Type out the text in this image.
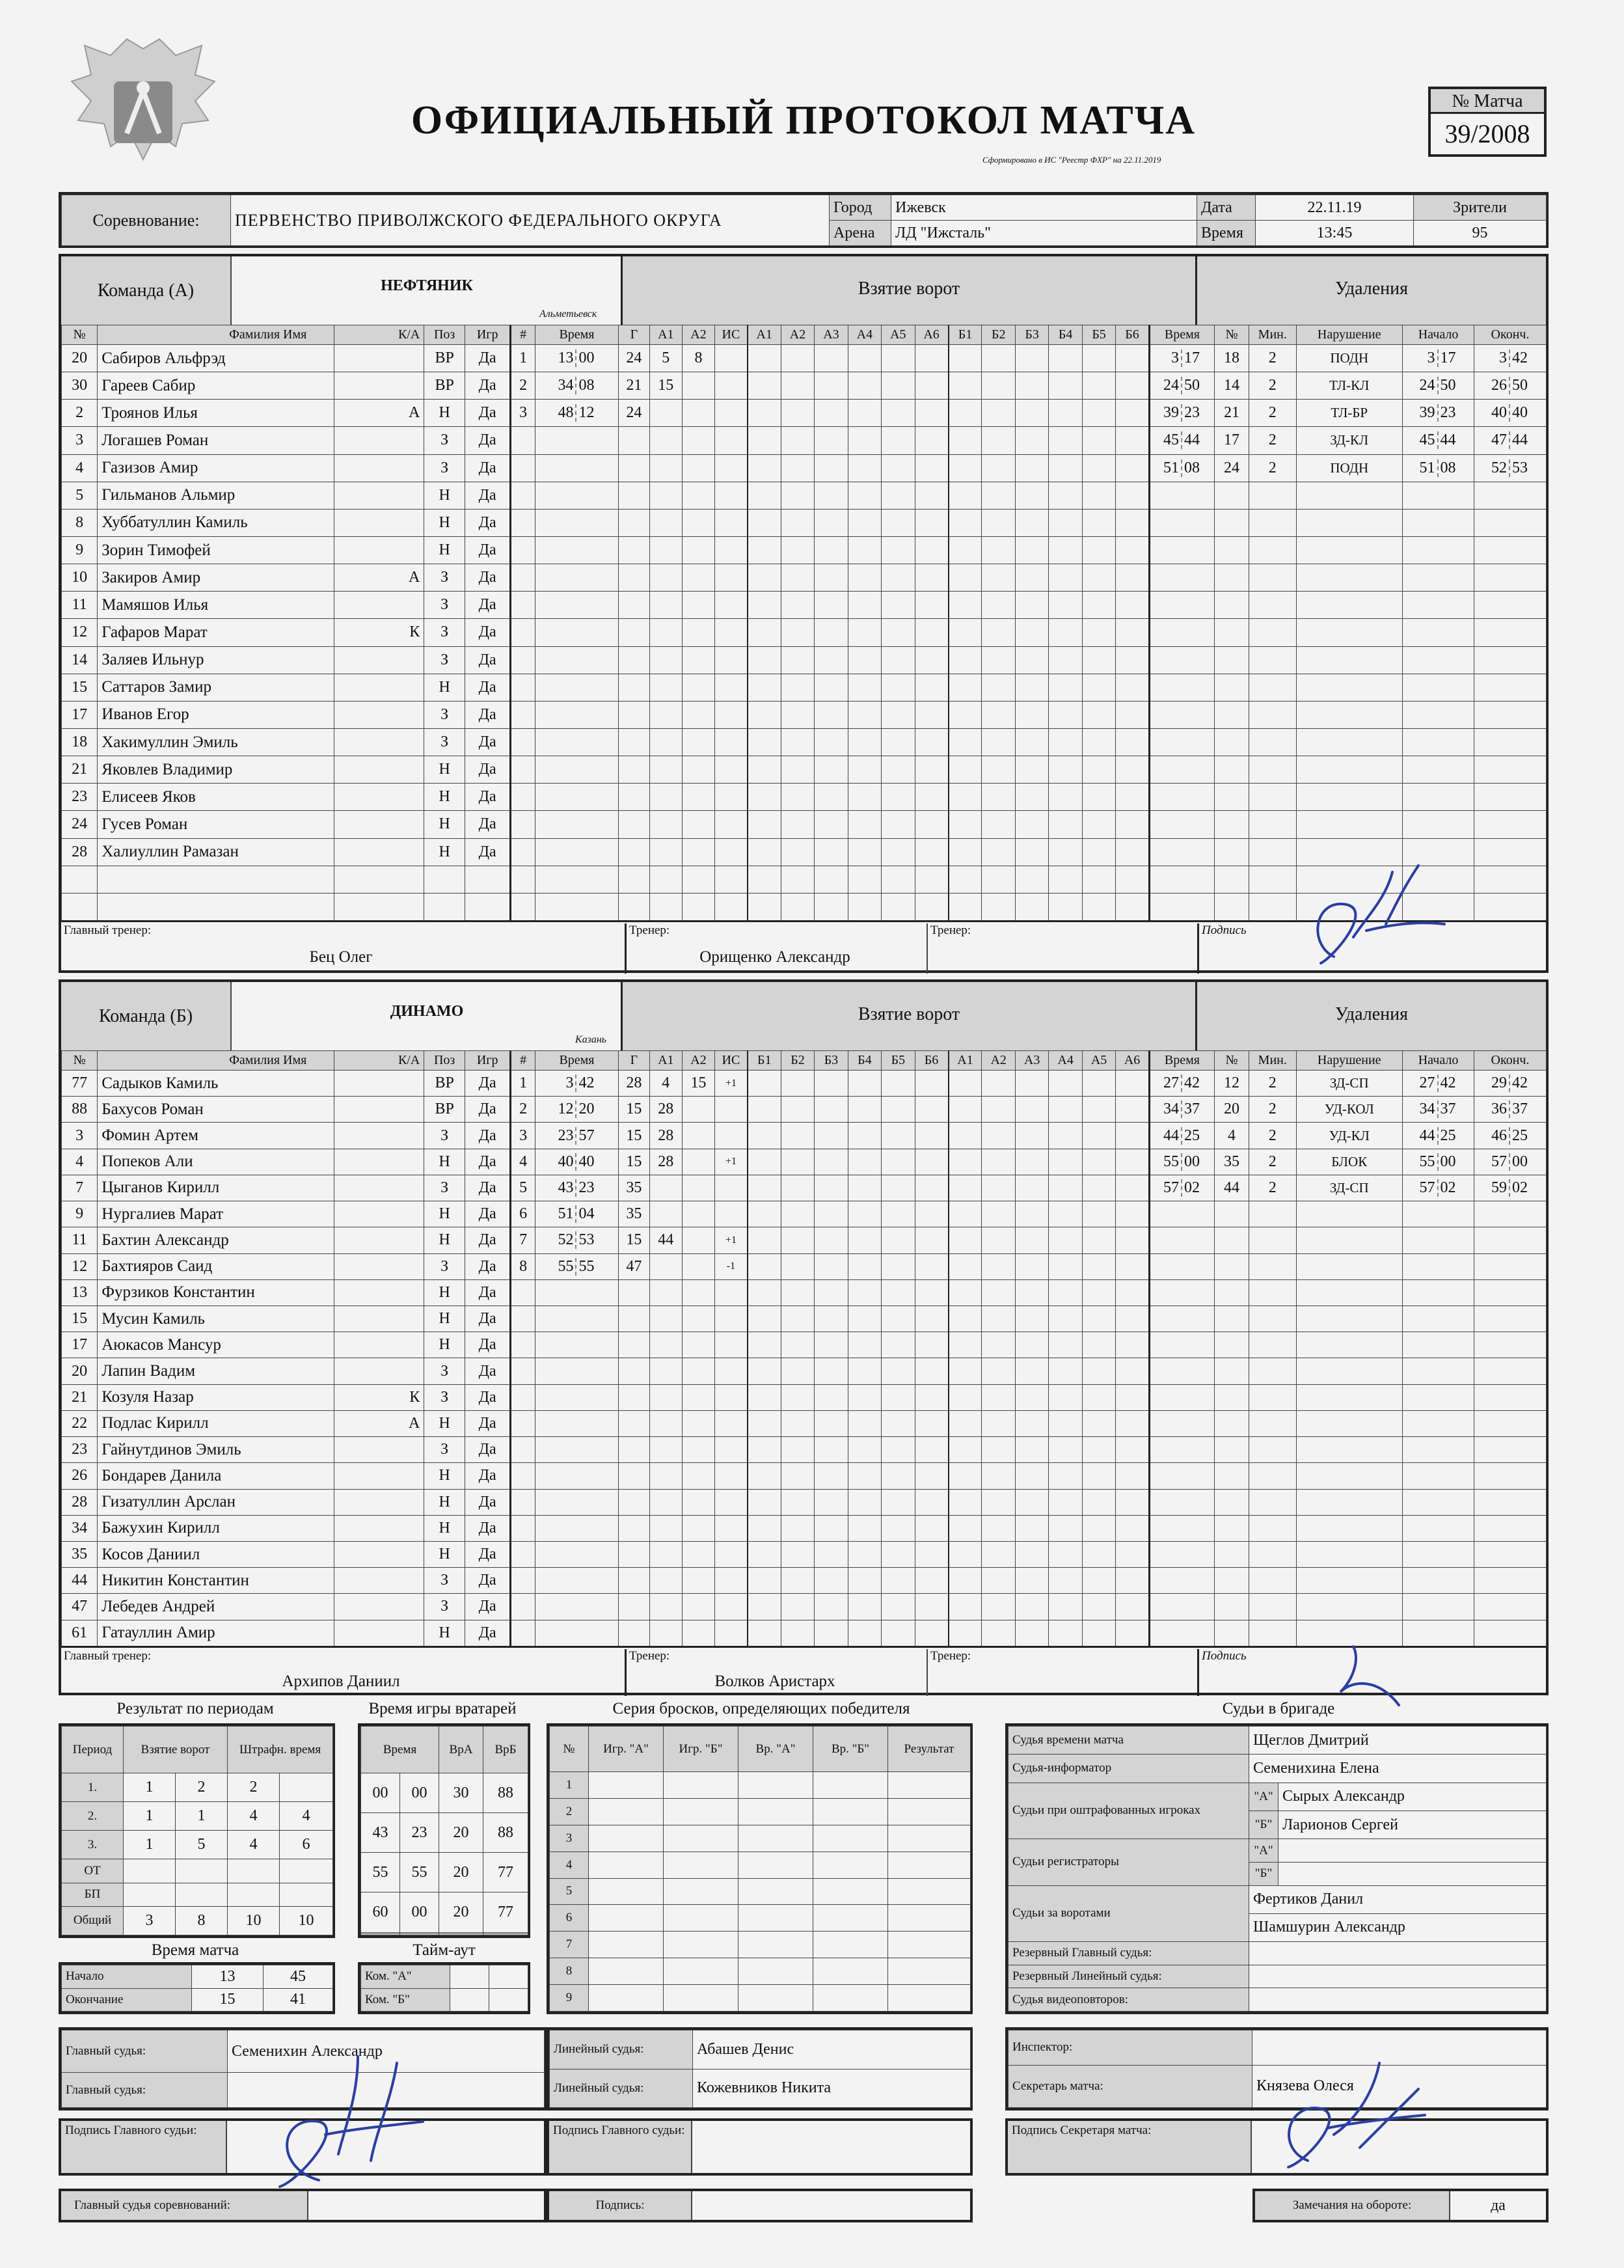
ОФИЦИАЛЬНЫЙ ПРОТОКОЛ МАТЧА
Сформировано в ИС "Реестр ФХР" на 22.11.2019
№ Матча
39/2008
Соревнование:	ПЕРВЕНСТВО ПРИВОЛЖСКОГО ФЕДЕРАЛЬНОГО ОКРУГА	Город	Ижевск	Дата	22.11.19	Зрители
		Арена	ЛД "Ижсталь"	Время	13:45	95
Команда (А)	НЕФТЯНИК
Альметьевск
Взятие ворот	Удаления
№	Фамилия Имя	К/А	Поз	Игр	#	Время	Г	А1	А2	ИС	А1	А2	А3	А4	А5	А6	Б1	Б2	Б3	Б4	Б5	Б6	Время	№	Мин.	Нарушение	Начало	Оконч.
20	Сабиров Альфрэд		ВР	Да	1	13 00	24	5	8														3 17	18	2	ПОДН	3 17	3 42
30	Гареев Сабир		ВР	Да	2	34 08	21	15															24 50	14	2	ТЛ-КЛ	24 50	26 50
2	Троянов Илья	А	Н	Да	3	48 12	24																39 23	21	2	ТЛ-БР	39 23	40 40
3	Логашев Роман		З	Да																			45 44	17	2	ЗД-КЛ	45 44	47 44
4	Газизов Амир		З	Да																			51 08	24	2	ПОДН	51 08	52 53
5	Гильманов Альмир		Н	Да																								
8	Хуббатуллин Камиль		Н	Да																								
9	Зорин Тимофей		Н	Да																								
10	Закиров Амир	А	З	Да																								
11	Мамяшов Илья		З	Да																								
12	Гафаров Марат	К	З	Да																								
14	Заляев Ильнур		З	Да																								
15	Саттаров Замир		Н	Да																								
17	Иванов Егор		З	Да																								
18	Хакимуллин Эмиль		З	Да																								
21	Яковлев Владимир		Н	Да																								
23	Елисеев Яков		Н	Да																								
24	Гусев Роман		Н	Да																								
28	Халиуллин Рамазан		Н	Да																								

Главный тренер:
Бец Олег
Тренер:
Орищенко Александр
Тренер:	Подпись
Команда (Б)	ДИНАМО
Казань
Взятие ворот	Удаления
№	Фамилия Имя	К/А	Поз	Игр	#	Время	Г	А1	А2	ИС	Б1	Б2	Б3	Б4	Б5	Б6	А1	А2	А3	А4	А5	А6	Время	№	Мин.	Нарушение	Начало	Оконч.
77	Садыков Камиль		ВР	Да	1	3 42	28	4	15	+1													27 42	12	2	ЗД-СП	27 42	29 42
88	Бахусов Роман		ВР	Да	2	12 20	15	28															34 37	20	2	УД-КОЛ	34 37	36 37
3	Фомин Артем		З	Да	3	23 57	15	28															44 25	4	2	УД-КЛ	44 25	46 25
4	Попеков Али		Н	Да	4	40 40	15	28		+1													55 00	35	2	БЛОК	55 00	57 00
7	Цыганов Кирилл		З	Да	5	43 23	35																57 02	44	2	ЗД-СП	57 02	59 02
9	Нургалиев Марат		Н	Да	6	51 04	35																					
11	Бахтин Александр		Н	Да	7	52 53	15	44		+1																		
12	Бахтияров Саид		З	Да	8	55 55	47			-1																		
13	Фурзиков Константин		Н	Да																								
15	Мусин Камиль		Н	Да																								
17	Аюкасов Мансур		Н	Да																								
20	Лапин Вадим		З	Да																								
21	Козуля Назар	К	З	Да																								
22	Подлас Кирилл	А	Н	Да																								
23	Гайнутдинов Эмиль		З	Да																								
26	Бондарев Данила		Н	Да																								
28	Гизатуллин Арслан		Н	Да																								
34	Бажухин Кирилл		Н	Да																								
35	Косов Даниил		Н	Да																								
44	Никитин Константин		З	Да																								
47	Лебедев Андрей		З	Да																								
61	Гатауллин Амир		Н	Да																								
Главный тренер:
Архипов Даниил
Тренер:
Волков Аристарх
Тренер:	Подпись
Результат по периодам
Период	Взятие ворот		Штрафн. время	
1.	1	2	2	
2.	1	1	4	4
3.	1	5	4	6
ОТ				
БП				
Общий	3	8	10	10
Время матча
Начало	13	45
Окончание	15	41
Время игры вратарей
Время		ВрА	ВрБ
00	00	30	88
43	23	20	88
55	55	20	77
60	00	20	77

Тайм-аут
Ком. "А"		
Ком. "Б"		
Серия бросков, определяющих победителя
№	Игр. "А"	Игр. "Б"	Вр. "А"	Вр. "Б"	Результат
1					
2					
3					
4					
5					
6					
7					
8					
9					
Судьи в бригаде
Судья времени матча	Щеглов Дмитрий	
Судья-информатор	Семенихина Елена	
Судьи при оштрафованных игроках	"А"	Сырых Александр
	"Б"	Ларионов Сергей
Судьи регистраторы	"А"	
	"Б"	
Судьи за воротами	Фертиков Данил	
	Шамшурин Александр	
Резервный Главный судья:		
Резервный Линейный судья:		
Судья видеоповторов:		
Главный судья:	Семенихин Александр
Главный судья:	
Линейный судья:	Абашев Денис
Линейный судья:	Кожевников Никита
Инспектор:	
Секретарь матча:	Князева Олеся
Подпись Главного судьи:	Подпись Главного судьи:	Подпись Секретаря матча:
Главный судья соревнований:	Подпись:	Замечания на обороте:	да
